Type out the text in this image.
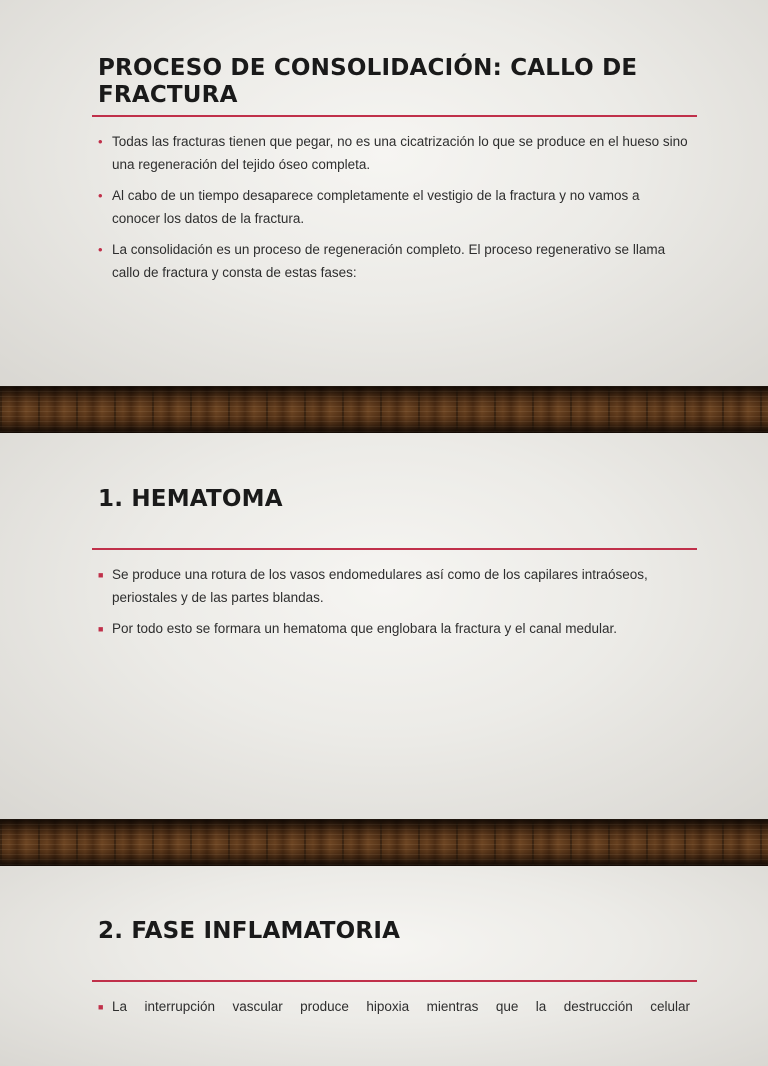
PROCESO DE CONSOLIDACIÓN: CALLO DE FRACTURA
• Todas las fracturas tienen que pegar, no es una cicatrización lo que se produce en el hueso sino una regeneración del tejido óseo completa.
• Al cabo de un tiempo desaparece completamente el vestigio de la fractura y no vamos a conocer los datos de la fractura.
• La consolidación es un proceso de regeneración completo. El proceso regenerativo se llama callo de fractura y consta de estas fases:
1. HEMATOMA
■ Se produce una rotura de los vasos endomedulares así como de los capilares intraóseos, periostales y de las partes blandas.
■ Por todo esto se formara un hematoma que englobara la fractura y el canal medular.
2. FASE INFLAMATORIA
■ La interrupción vascular produce hipoxia mientras que la destrucción celular
